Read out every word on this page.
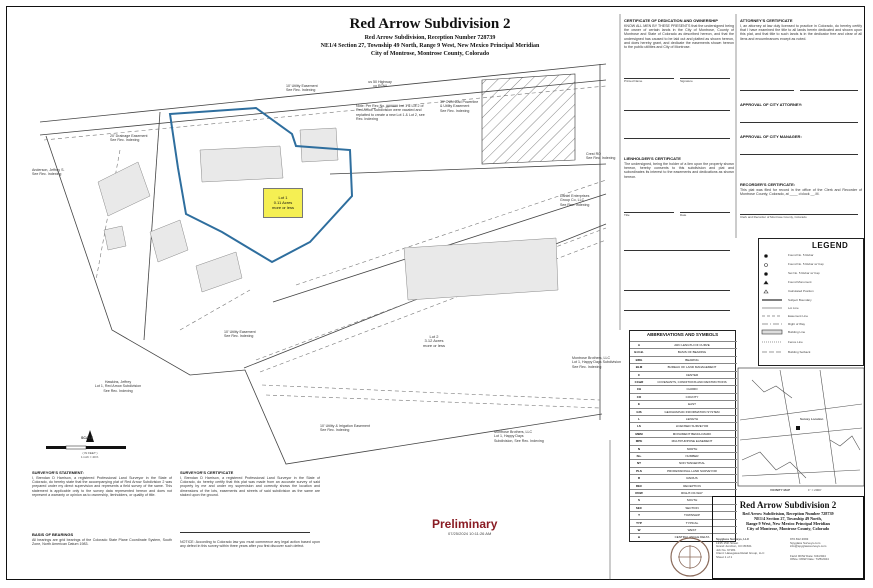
Red Arrow Subdivision 2
Red Arrow Subdivision, Reception Number 728739
NE1/4 Section 27, Township 49 North, Range 9 West, New Mexico Principal Meridian
City of Montrose, Montrose County, Colorado
Lot 1
0.11 Acres
more or less
Lot 2
3.12 Acres
more or less
us 50 Highway
co ROW
Anderson, Jeffrey S.
See Rec. Indexing
Hawkins, Jeffrey
Lot 1, Red Arrow Subdivision
See Rec. Indexing
Montrose Brothers, LLC
Lot 1, Happy Days Subdivision
See Rec. Indexing
Montrose Brothers, LLC
Lot 1, Happy Days
Subdivision, See Rec. Indexing
Daniel Enterprises
Group Co, LLC
See Rec. Indexing
Crest RO
See Rec. Indexing
30' Overhead Powerline
& Utility Easement
See Rec. Indexing
Note: Per Rec No. ###### Lot 1 & Lot 2 of Red Arrow Subdivision were vacated and replatted to create a new Lot 1 & Lot 2, see Rec. Indexing
10' Utility Easement
See Rec. Indexing
20' Drainage Easement
See Rec. Indexing
10' Utility & Irrigation Easement
See Rec. Indexing
10' Utility Easement
See Rec. Indexing
SCALE
( IN FEET )
1 inch = 40 ft.
CERTIFICATE OF DEDICATION AND OWNERSHIP
KNOW ALL MEN BY THESE PRESENTS that the undersigned being the owner of certain lands in the City of Montrose, County of Montrose and State of Colorado as described hereon, and that the undersigned has caused to be laid out and platted as shown hereon, and does hereby grant, and dedicate the easements shown hereon to the public utilities and City of Montrose.
Printed Name	Signature
LIENHOLDER'S CERTIFICATE
The undersigned, being the holder of a lien upon the property shown hereon, hereby consents to this subdivision and plat and subordinates its interest to the easements and dedications as shown hereon.
Title	Date
ATTORNEY'S CERTIFICATE
I, an attorney at law duly licensed to practice in Colorado, do hereby certify that I have examined the title to all lands herein dedicated and shown upon this plat, and that title to such lands is in the dedicator free and clear of all liens and encumbrances except as noted.
APPROVAL OF CITY ATTORNEY:
APPROVAL OF CITY MANAGER:
RECORDER'S CERTIFICATE:
This plat was filed for record in the office of the Clerk and Recorder of Montrose County, Colorado, at ____ o'clock __.M.
Clerk and Recorder of Montrose County, Colorado
LEGEND
Found No. 5 Rebar
Found No. 5 Rebar w/ Cap
Set No. 5 Rebar w/ Cap
Found Monument
Calculated Position
Subject Boundary
Lot Line
Easement Line
Right of Way
Building Line
Fence Line
Building Setback
A	ARC LENGTH OF CURVE
B.O.B.	BASIS OF BEARING
BRG	BEARING
BLM	BUREAU OF LAND MANAGEMENT
C	CENTER
CC&R	COVENANTS, CONDITIONS AND RESTRICTIONS
CH	CHORD
CO	COUNTY
E	EAST
GIS	GEOGRAPHIC INFORMATION SYSTEM
L	LENGTH
LS	LICENSED SURVEYOR
MBM	MONUMENT BENCH MARK
MPE	MULTIPURPOSE EASEMENT
N	NORTH
No.	NUMBER
NT	NON TANGENTIAL
PLS	PROFESSIONAL LAND SURVEYOR
R	RADIUS
REC	RECEPTION
ROW	RIGHT-OF-WAY
S	SOUTH
SEC	SECTION
T	TOWNSHIP
TYP	TYPICAL
W	WEST
Δ	CENTRAL ANGLE DELTA
ABBREVIATIONS AND SYMBOLS
Survey Location
VICINITY MAP	1" = 2000'
SURVEYOR'S STATEMENT:
I, Brendan D Harrison, a registered Professional Land Surveyor in the State of Colorado, do hereby state that the accompanying plat of Red Arrow Subdivision 2 was prepared under my direct supervision and represents a field survey of the same. This statement is applicable only to the survey data represented hereon and does not represent a warranty or opinion as to ownership, lienholders, or quality of title.
BASIS OF BEARINGS
All bearings are grid bearings of the Colorado State Plane Coordinate System, South Zone, North American Datum 1983.
SURVEYOR'S CERTIFICATE
I, Brendan D Harrison, a registered Professional Land Surveyor in the State of Colorado, do hereby certify that this plat was made from an accurate survey of said property by me and under my supervision and correctly shows the location and dimensions of the lots, easements and streets of said subdivision as the same are staked upon the ground.
NOTICE: According to Colorado law you must commence any legal action based upon any defect in this survey within three years after you first discover such defect.
Preliminary
07/25/2024 10:11:26 AM
Red Arrow Subdivision 2
Red Arrow Subdivision, Reception Number 728739
NE1/4 Section 27, Township 49 North,
Range 9 West, New Mexico Principal Meridian
City of Montrose, Montrose County, Colorado
Spyglass Surveys, LLC
1335 15th Street
Grand Junction, CO 81501
Job No. 97181
Client: Hasegawa Retail Group, LLC
Sheet 1 of 1
970.812.3693
Spyglass Surveys.com
info@spyglasssurveys.com
Field: RDW Date: 6/4/2024
Office: RDW Date: 7/25/2024
